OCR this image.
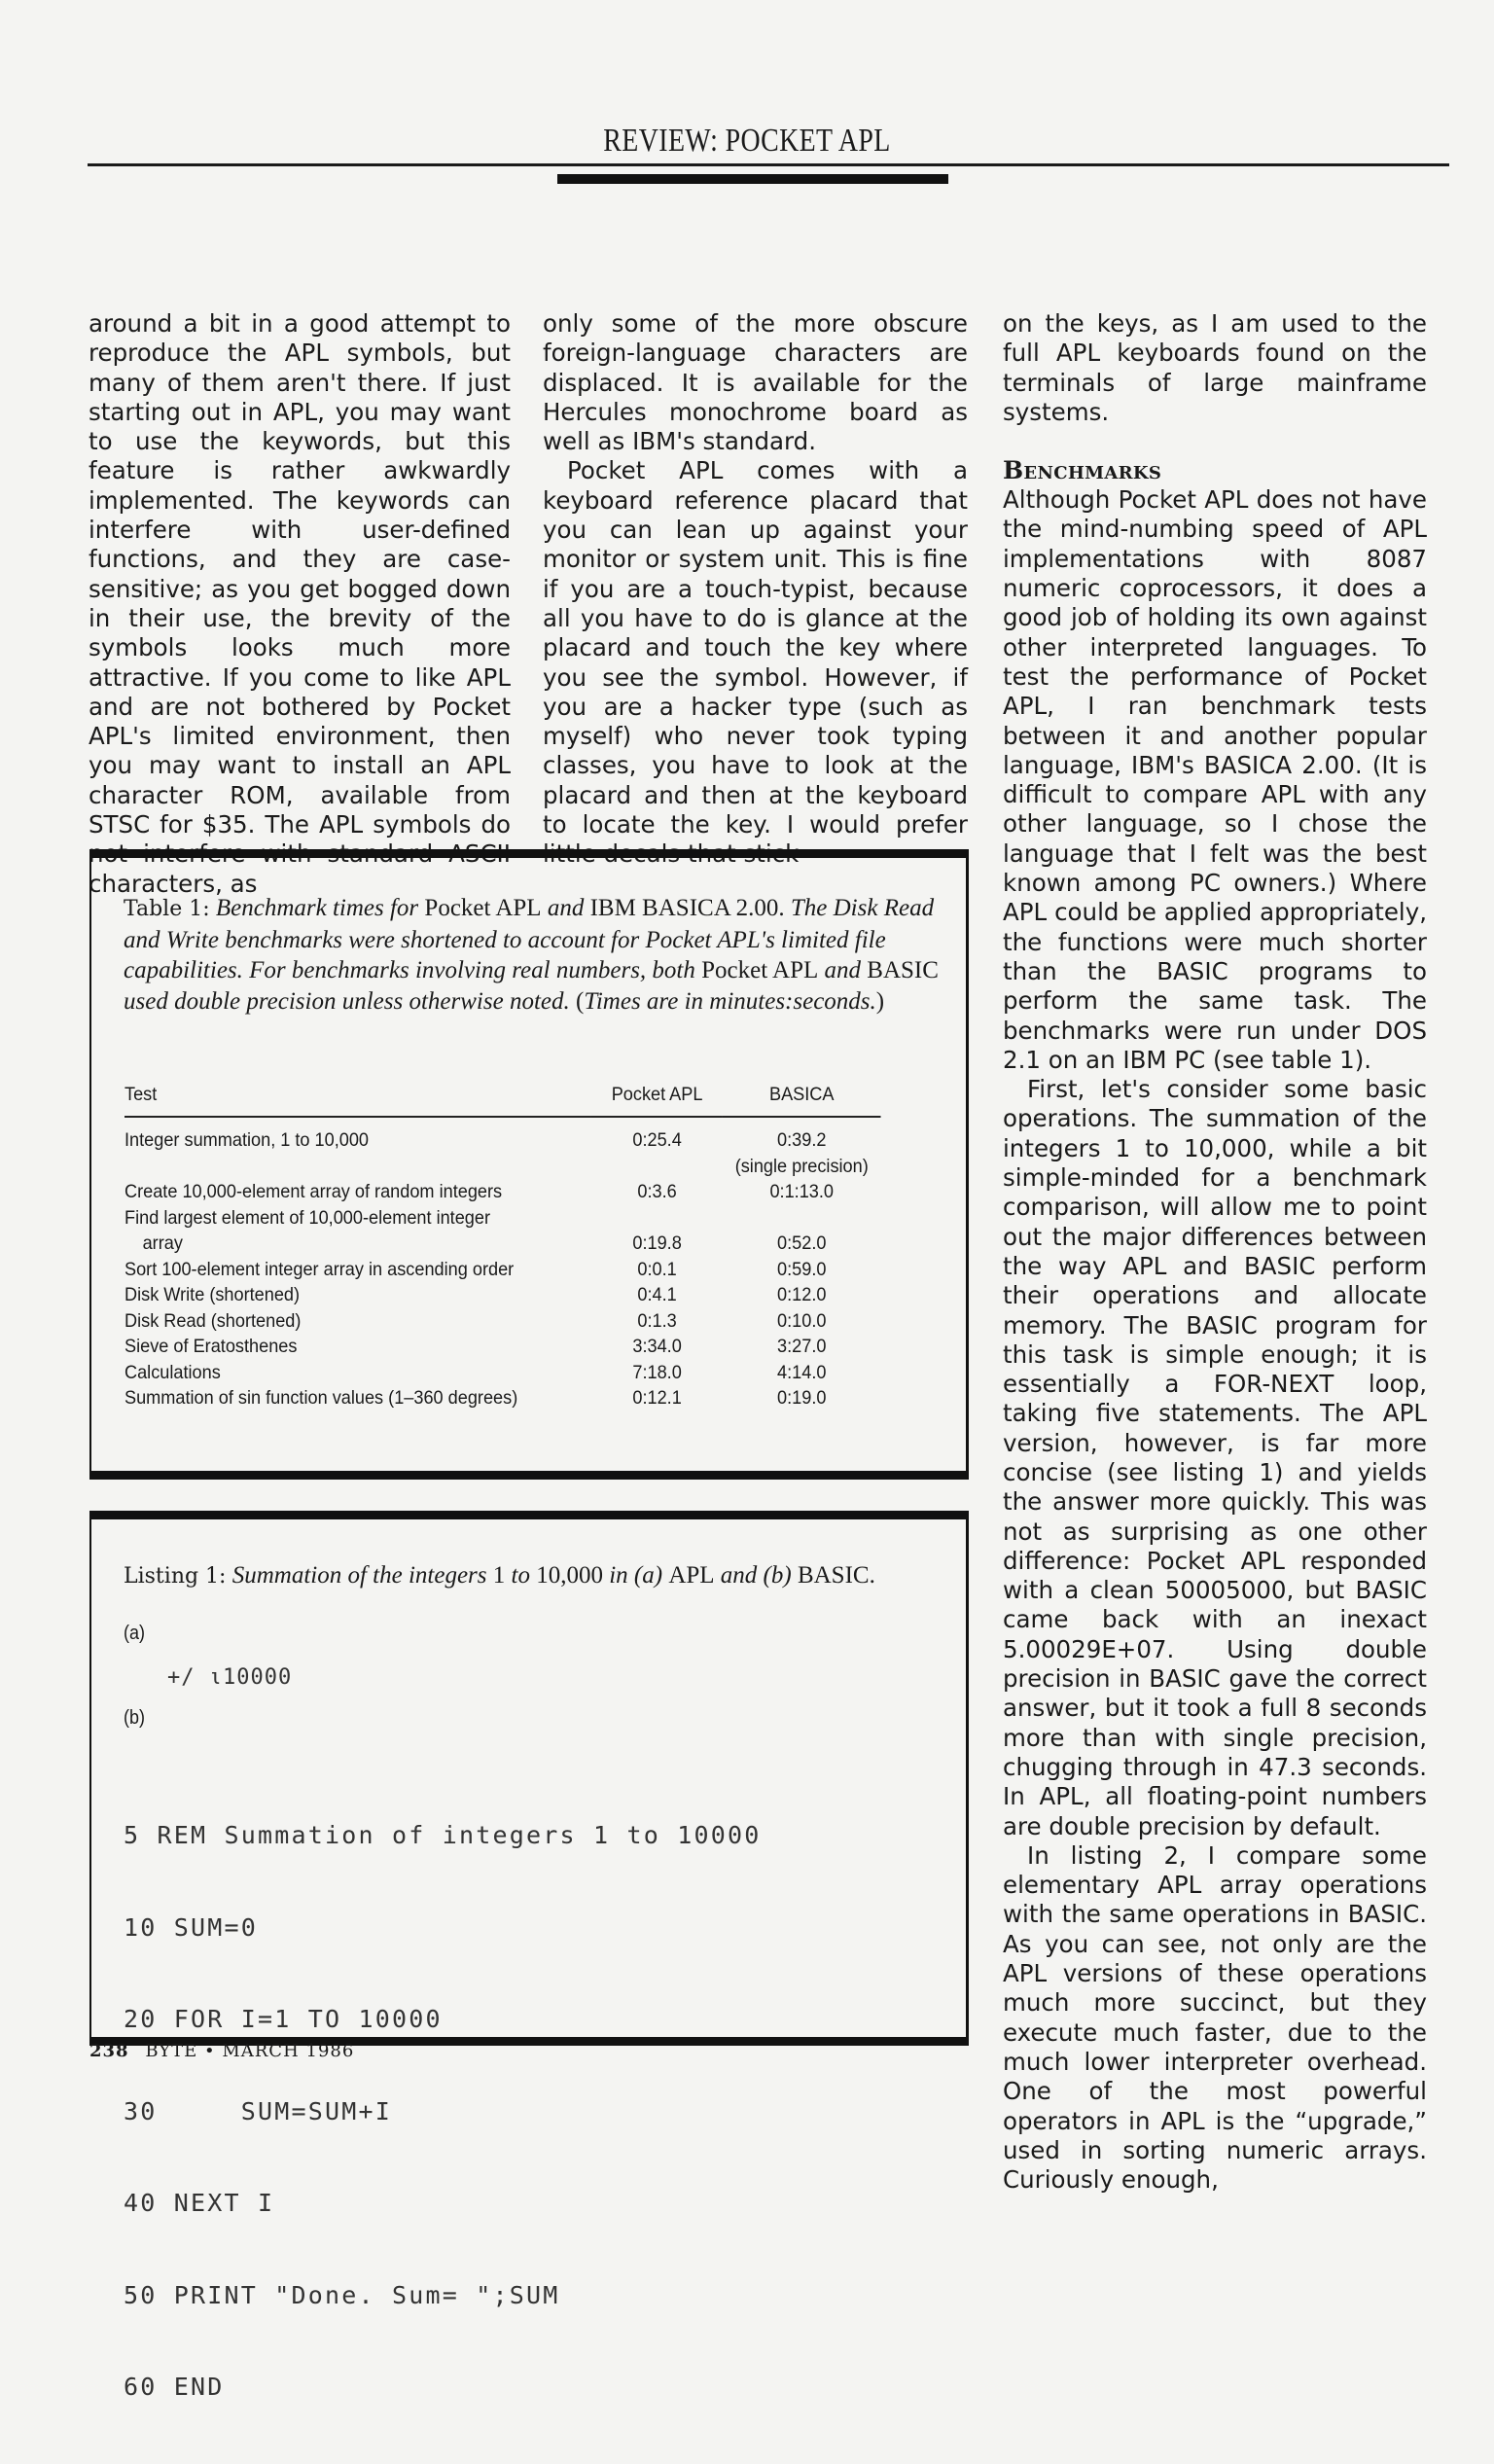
REVIEW: POCKET APL

around a bit in a good attempt to reproduce the APL symbols, but many of them aren't there. If just starting out in APL, you may want to use the keywords, but this feature is rather awkwardly implemented. The keywords can interfere with user-defined functions, and they are case-sensitive; as you get bogged down in their use, the brevity of the symbols looks much more attractive. If you come to like APL and are not bothered by Pocket APL's limited environment, then you may want to install an APL character ROM, available from STSC for $35. The APL symbols do not interfere with standard ASCII characters, as

only some of the more obscure foreign-language characters are displaced. It is available for the Hercules monochrome board as well as IBM's standard.

Pocket APL comes with a keyboard reference placard that you can lean up against your monitor or system unit. This is fine if you are a touch-typist, because all you have to do is glance at the placard and touch the key where you see the symbol. However, if you are a hacker type (such as myself) who never took typing classes, you have to look at the placard and then at the keyboard to locate the key. I would prefer little decals that stick

on the keys, as I am used to the full APL keyboards found on the terminals of large mainframe systems.

Benchmarks

Although Pocket APL does not have the mind-numbing speed of APL implementations with 8087 numeric coprocessors, it does a good job of holding its own against other interpreted languages. To test the performance of Pocket APL, I ran benchmark tests between it and another popular language, IBM's BASICA 2.00. (It is difficult to compare APL with any other language, so I chose the language that I felt was the best known among PC owners.) Where APL could be applied appropriately, the functions were much shorter than the BASIC programs to perform the same task. The benchmarks were run under DOS 2.1 on an IBM PC (see table 1).

First, let's consider some basic operations. The summation of the integers 1 to 10,000, while a bit simple-minded for a benchmark comparison, will allow me to point out the major differences between the way APL and BASIC perform their operations and allocate memory. The BASIC program for this task is simple enough; it is essentially a FOR-NEXT loop, taking five statements. The APL version, however, is far more concise (see listing 1) and yields the answer more quickly. This was not as surprising as one other difference: Pocket APL responded with a clean 50005000, but BASIC came back with an inexact 5.00029E+07. Using double precision in BASIC gave the correct answer, but it took a full 8 seconds more than with single precision, chugging through in 47.3 seconds. In APL, all floating-point numbers are double precision by default.

In listing 2, I compare some elementary APL array operations with the same operations in BASIC. As you can see, not only are the APL versions of these operations much more succinct, but they execute much faster, due to the much lower interpreter overhead. One of the most powerful operators in APL is the “upgrade,” used in sorting numeric arrays. Curiously enough,

Table 1: Benchmark times for Pocket APL and IBM BASICA 2.00. The Disk Read and Write benchmarks were shortened to account for Pocket APL's limited file capabilities. For benchmarks involving real numbers, both Pocket APL and BASIC used double precision unless otherwise noted. (Times are in minutes:seconds.)
Test	Pocket APL	BASICA
Integer summation, 1 to 10,000	0:25.4	0:39.2
(single precision)

Create 10,000-element array of random integers	0:3.6	0:1:13.0

Find largest element of 10,000-element integer
array	0:19.8	0:52.0

Sort 100-element integer array in ascending order	0:0.1	0:59.0
Disk Write (shortened)	0:4.1	0:12.0
Disk Read (shortened)	0:1.3	0:10.0
Sieve of Eratosthenes	3:34.0	3:27.0
Calculations	7:18.0	4:14.0
Summation of sin function values (1–360 degrees)	0:12.1	0:19.0
Listing 1: Summation of the integers 1 to 10,000 in (a) APL and (b) BASIC.
(a)
+/ ⍳10000
(b)

5 REM Summation of integers 1 to 10000

10 SUM=0

20 FOR I=1 TO 10000

30     SUM=SUM+I

40 NEXT I

50 PRINT "Done. Sum= ";SUM

60 END

238 BYTE • MARCH 1986
